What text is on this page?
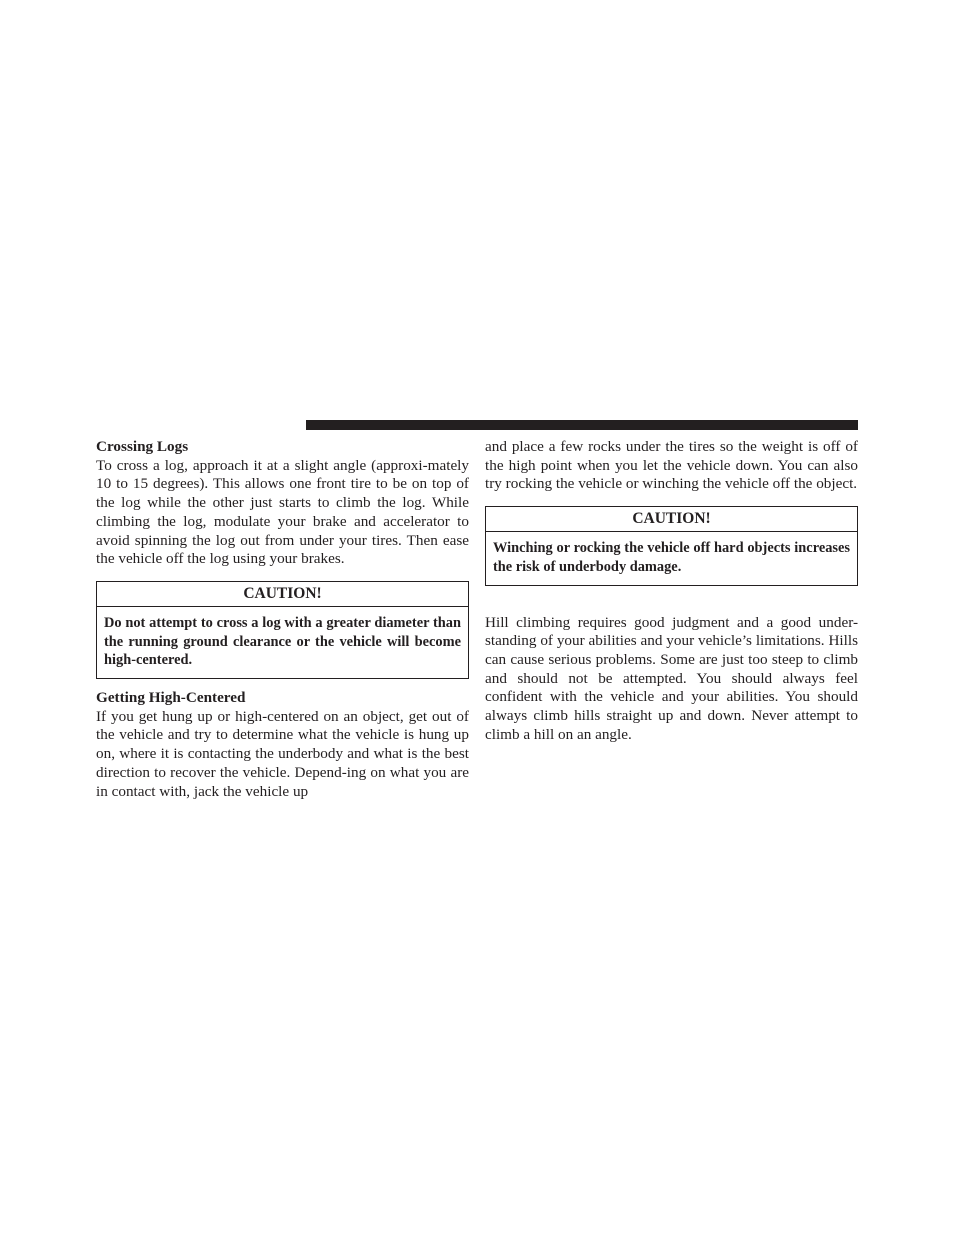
Crossing Logs

To cross a log, approach it at a slight angle (approxi-mately 10 to 15 degrees). This allows one front tire to be on top of the log while the other just starts to climb the log. While climbing the log, modulate your brake and accelerator to avoid spinning the log out from under your tires. Then ease the vehicle off the log using your brakes.

CAUTION!
Do not attempt to cross a log with a greater diameter than the running ground clearance or the vehicle will become high-centered.

Getting High-Centered

If you get hung up or high-centered on an object, get out of the vehicle and try to determine what the vehicle is hung up on, where it is contacting the underbody and what is the best direction to recover the vehicle. Depend-ing on what you are in contact with, jack the vehicle up

and place a few rocks under the tires so the weight is off of the high point when you let the vehicle down. You can also try rocking the vehicle or winching the vehicle off the object.

CAUTION!
Winching or rocking the vehicle off hard objects increases the risk of underbody damage.

Hill climbing requires good judgment and a good under-standing of your abilities and your vehicle’s limitations. Hills can cause serious problems. Some are just too steep to climb and should not be attempted. You should always feel confident with the vehicle and your abilities. You should always climb hills straight up and down. Never attempt to climb a hill on an angle.
